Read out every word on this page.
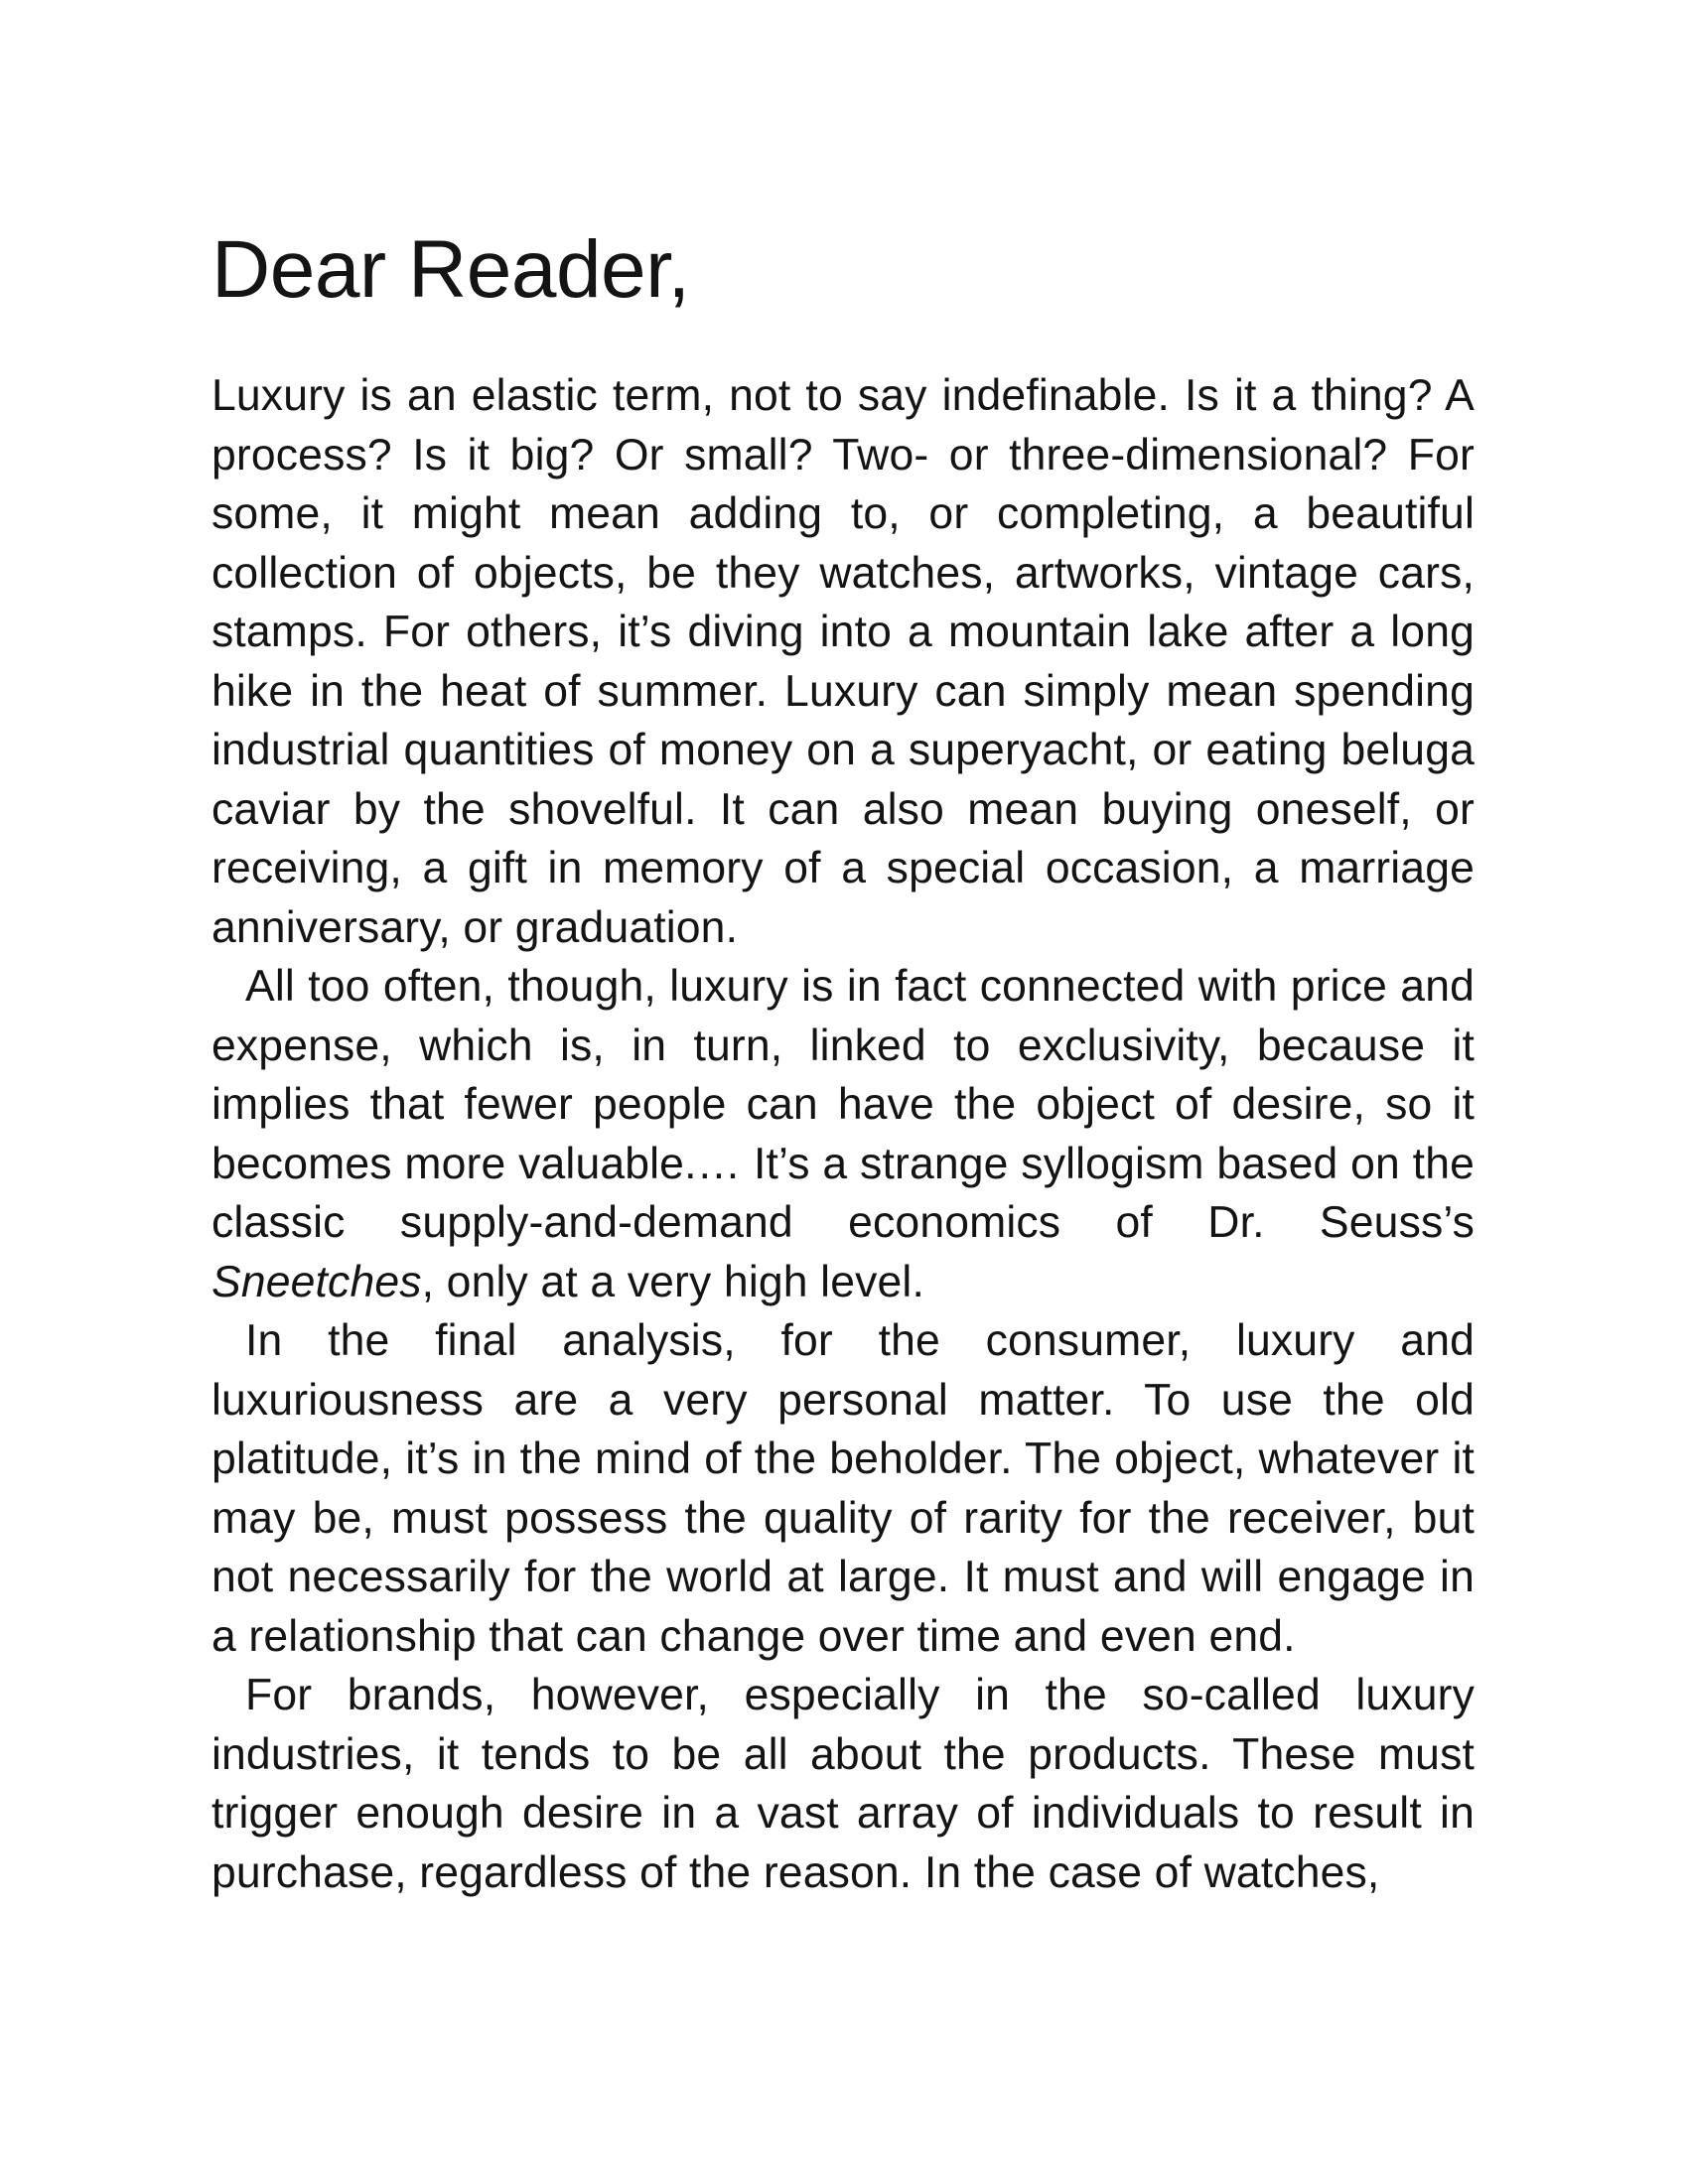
Dear Reader,

Luxury is an elastic term, not to say indefinable. Is it a thing? A process? Is it big? Or small? Two- or three-dimensional? For some, it might mean adding to, or completing, a beautiful collection of objects, be they watches, artworks, vintage cars, stamps. For others, it’s diving into a mountain lake after a long hike in the heat of summer. Luxury can simply mean spending industrial quantities of money on a superyacht, or eating beluga caviar by the shovelful. It can also mean buying oneself, or receiving, a gift in memory of a special occasion, a marriage anniversary, or graduation.

All too often, though, luxury is in fact connected with price and expense, which is, in turn, linked to exclusivity, because it implies that fewer people can have the object of desire, so it becomes more valuable.… It’s a strange syllogism based on the classic supply-and-demand economics of Dr. Seuss’s Sneetches, only at a very high level.

In the final analysis, for the consumer, luxury and luxuriousness are a very personal matter. To use the old platitude, it’s in the mind of the beholder. The object, whatever it may be, must possess the quality of rarity for the receiver, but not necessarily for the world at large. It must and will engage in a relationship that can change over time and even end.

For brands, however, especially in the so-called luxury industries, it tends to be all about the products. These must trigger enough desire in a vast array of individuals to result in purchase, regardless of the reason. In the case of watches,
